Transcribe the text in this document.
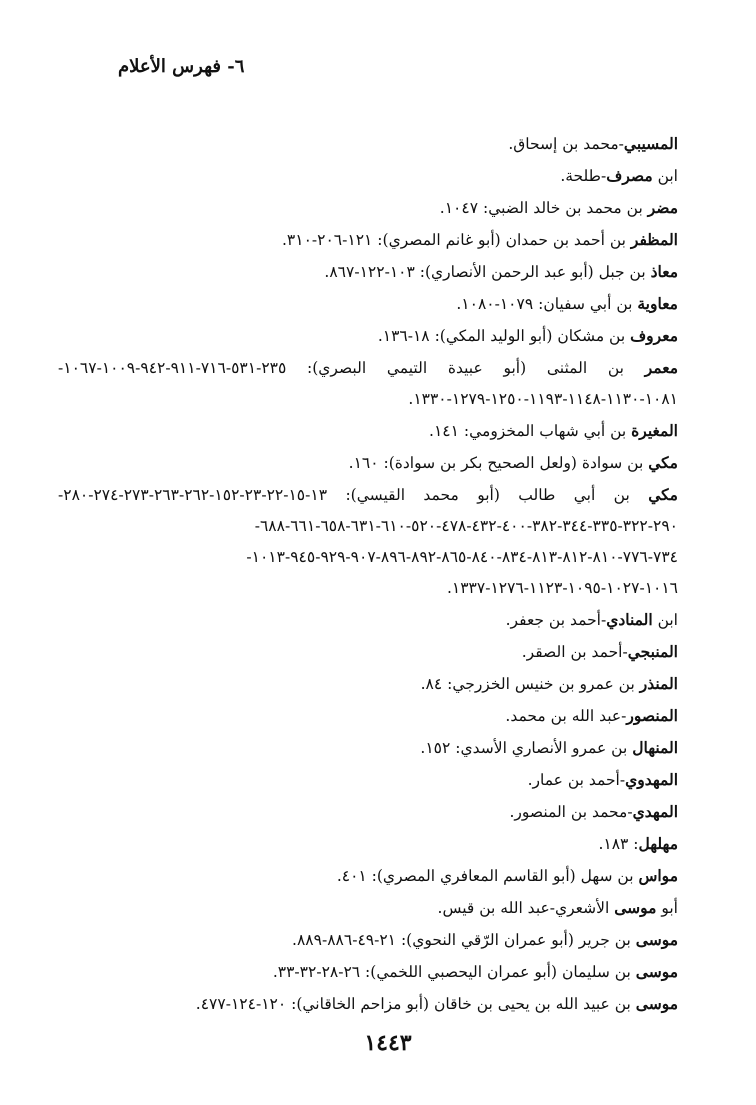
٦- فهرس الأعلام
المسيبي-محمد بن إسحاق.
ابن مصرف-طلحة.
مضر بن محمد بن خالد الضبي: ١٠٤٧.
المظفر بن أحمد بن حمدان (أبو غانم المصري): ١٢١-٢٠٦-٣١٠.
معاذ بن جبل (أبو عبد الرحمن الأنصاري): ١٠٣-١٢٢-٨٦٧.
معاوية بن أبي سفيان: ١٠٧٩-١٠٨٠.
معروف بن مشكان (أبو الوليد المكي): ١٨-١٣٦.
معمر بن المثنى (أبو عبيدة التيمي البصري): ٢٣٥-٥٣١-٧١٦-٩١١-٩٤٢-١٠٠٩-١٠٦٧-
١٠٨١-١١٣٠-١١٤٨-١١٩٣-١٢٥٠-١٢٧٩-١٣٣٠.
المغيرة بن أبي شهاب المخزومي: ١٤١.
مكي بن سوادة (ولعل الصحيح بكر بن سوادة): ١٦٠.
مكي بن أبي طالب (أبو محمد القيسي): ١٣-١٥-٢٢-٢٣-١٥٢-٢٦٢-٢٦٣-٢٧٣-٢٧٤-٢٨٠-
٢٩٠-٣٢٢-٣٣٥-٣٤٤-٣٨٢-٤٠٠-٤٣٢-٤٧٨-٥٢٠-٦١٠-٦٣١-٦٥٨-٦٦١-٦٨٨-
٧٣٤-٧٧٦-٨١٠-٨١٢-٨١٣-٨٣٤-٨٤٠-٨٦٥-٨٩٢-٨٩٦-٩٠٧-٩٢٩-٩٤٥-١٠١٣-
١٠١٦-١٠٢٧-١٠٩٥-١١٢٣-١٢٧٦-١٣٣٧.
ابن المنادي-أحمد بن جعفر.
المنبجي-أحمد بن الصقر.
المنذر بن عمرو بن خنيس الخزرجي: ٨٤.
المنصور-عبد الله بن محمد.
المنهال بن عمرو الأنصاري الأسدي: ١٥٢.
المهدوي-أحمد بن عمار.
المهدي-محمد بن المنصور.
مهلهل: ١٨٣.
مواس بن سهل (أبو القاسم المعافري المصري): ٤٠١.
أبو موسى الأشعري-عبد الله بن قيس.
موسى بن جرير (أبو عمران الرّقي النحوي): ٢١-٤٩-٨٨٦-٨٨٩.
موسى بن سليمان (أبو عمران اليحصبي اللخمي): ٢٦-٢٨-٣٢-٣٣.
موسى بن عبيد الله بن يحيى بن خاقان (أبو مزاحم الخاقاني): ١٢٠-١٢٤-٤٧٧.
١٤٤٣
